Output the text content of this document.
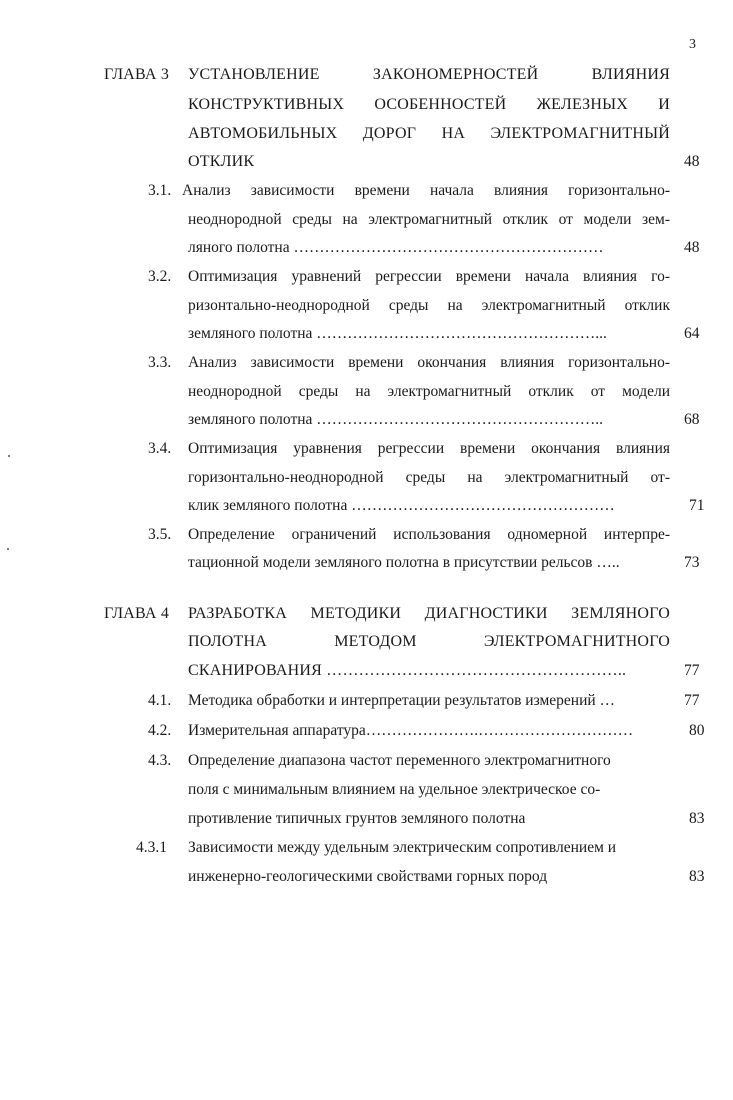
3
ГЛАВА 3 УСТАНОВЛЕНИЕ ЗАКОНОМЕРНОСТЕЙ ВЛИЯНИЯ
КОНСТРУКТИВНЫХ ОСОБЕННОСТЕЙ ЖЕЛЕЗНЫХ И
АВТОМОБИЛЬНЫХ ДОРОГ НА ЭЛЕКТРОМАГНИТНЫЙ
ОТКЛИК	48
3.1. Анализ зависимости времени начала влияния горизонтально-
неоднородной среды на электромагнитный отклик от модели зем-
ляного полотна ……………………………………………………	48
3.2. Оптимизация уравнений регрессии времени начала влияния го-
ризонтально-неоднородной среды на электромагнитный отклик
земляного полотна ………………………………………………...	64
3.3. Анализ зависимости времени окончания влияния горизонтально-
неоднородной среды на электромагнитный отклик от модели
земляного полотна ………………………………………………..	68
3.4. Оптимизация уравнения регрессии времени окончания влияния
горизонтально-неоднородной среды на электромагнитный от-
клик земляного полотна ……………………………………………	71
3.5. Определение ограничений использования одномерной интерпре-
тационной модели земляного полотна в присутствии рельсов …..	73
ГЛАВА 4 РАЗРАБОТКА МЕТОДИКИ ДИАГНОСТИКИ ЗЕМЛЯНОГО
ПОЛОТНА МЕТОДОМ ЭЛЕКТРОМАГНИТНОГО
СКАНИРОВАНИЯ ………………………………………………..	77
4.1. Методика обработки и интерпретации результатов измерений …	77
4.2. Измерительная аппаратура………………….…………………………	80
4.3. Определение диапазона частот переменного электромагнитного
поля с минимальным влиянием на удельное электрическое со-
противление типичных грунтов земляного полотна	83
4.3.1 Зависимости между удельным электрическим сопротивлением и
инженерно-геологическими свойствами горных пород	83
